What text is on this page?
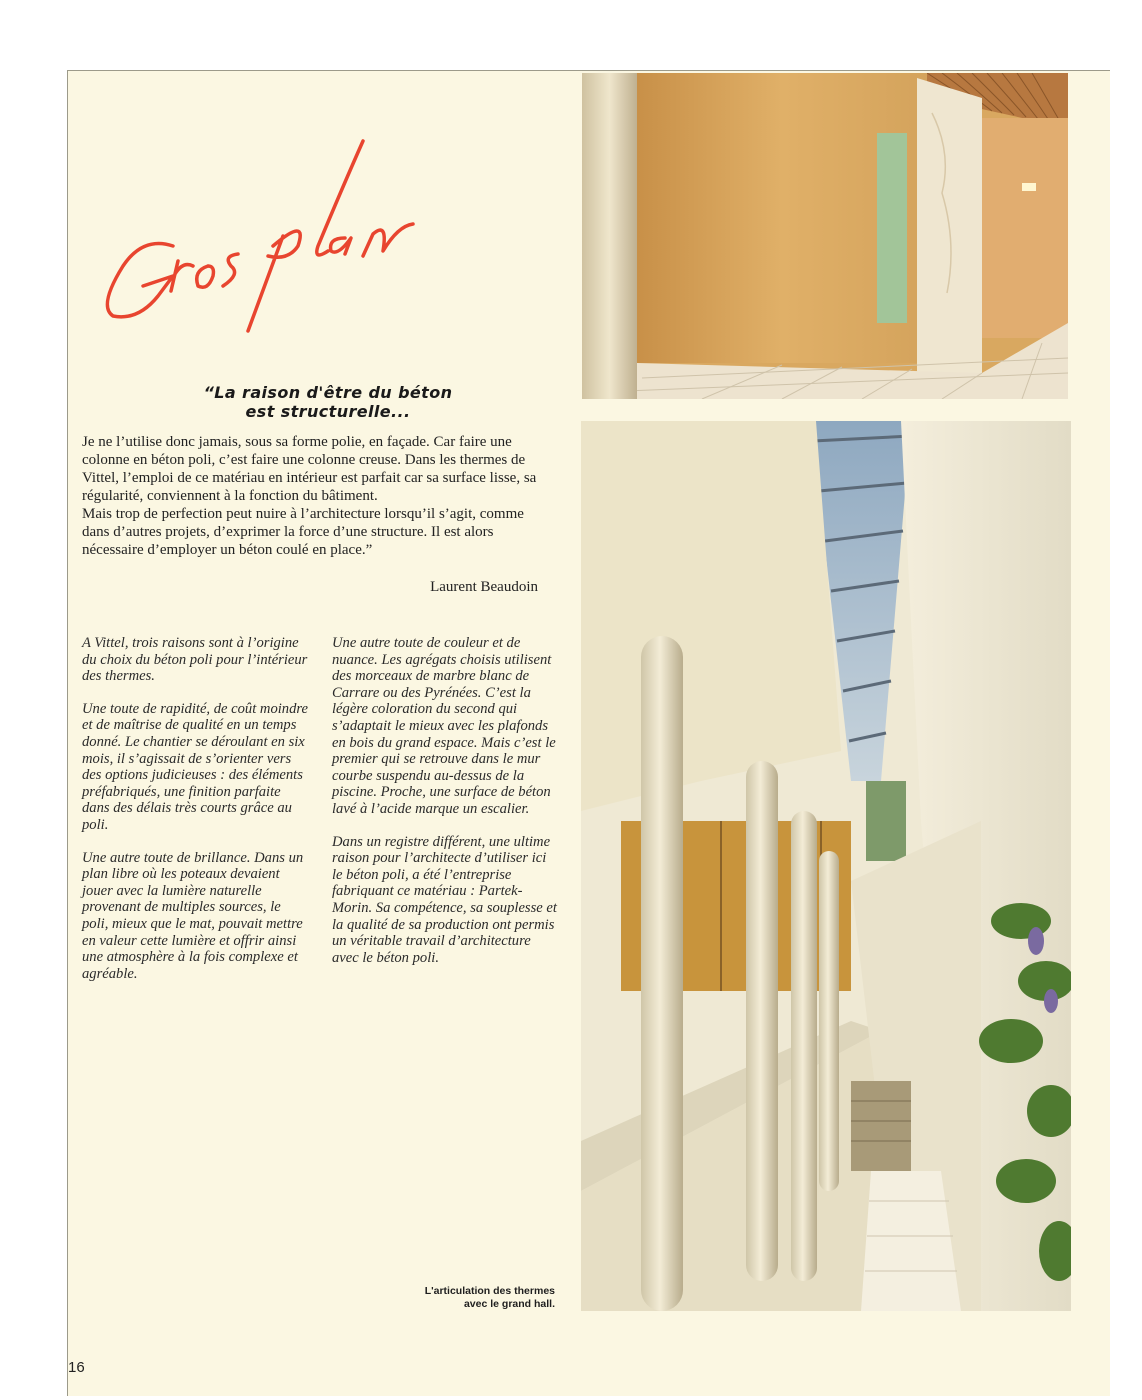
“La raison d'être du béton
est structurelle...

Je ne l’utilise donc jamais, sous sa forme polie, en façade. Car faire une colonne en béton poli, c’est faire une colonne creuse. Dans les thermes de Vittel, l’emploi de ce matériau en intérieur est parfait car sa surface lisse, sa régularité, conviennent à la fonction du bâtiment.

Mais trop de perfection peut nuire à l’architecture lorsqu’il s’agit, comme dans d’autres projets, d’exprimer la force d’une structure. Il est alors nécessaire d’employer un béton coulé en place.”

Laurent Beaudoin

A Vittel, trois raisons sont à l’origine du choix du béton poli pour l’intérieur des thermes.

Une toute de rapidité, de coût moindre et de maîtrise de qualité en un temps donné. Le chantier se déroulant en six mois, il s’agissait de s’orienter vers des options judicieuses : des éléments préfabriqués, une finition parfaite dans des délais très courts grâce au poli.

Une autre toute de brillance. Dans un plan libre où les poteaux devaient jouer avec la lumière naturelle provenant de multiples sources, le poli, mieux que le mat, pouvait mettre en valeur cette lumière et offrir ainsi une atmosphère à la fois complexe et agréable.

Une autre toute de couleur et de nuance. Les agrégats choisis utilisent des morceaux de marbre blanc de Carrare ou des Pyrénées. C’est la légère coloration du second qui s’adaptait le mieux avec les plafonds en bois du grand espace. Mais c’est le premier qui se retrouve dans le mur courbe suspendu au-dessus de la piscine. Proche, une surface de béton lavé à l’acide marque un escalier.

Dans un registre différent, une ultime raison pour l’architecte d’utiliser ici le béton poli, a été l’entreprise fabriquant ce matériau : Partek-Morin. Sa compétence, sa souplesse et la qualité de sa production ont permis un véritable travail d’architecture avec le béton poli.

L'articulation des thermes
avec le grand hall.
16
